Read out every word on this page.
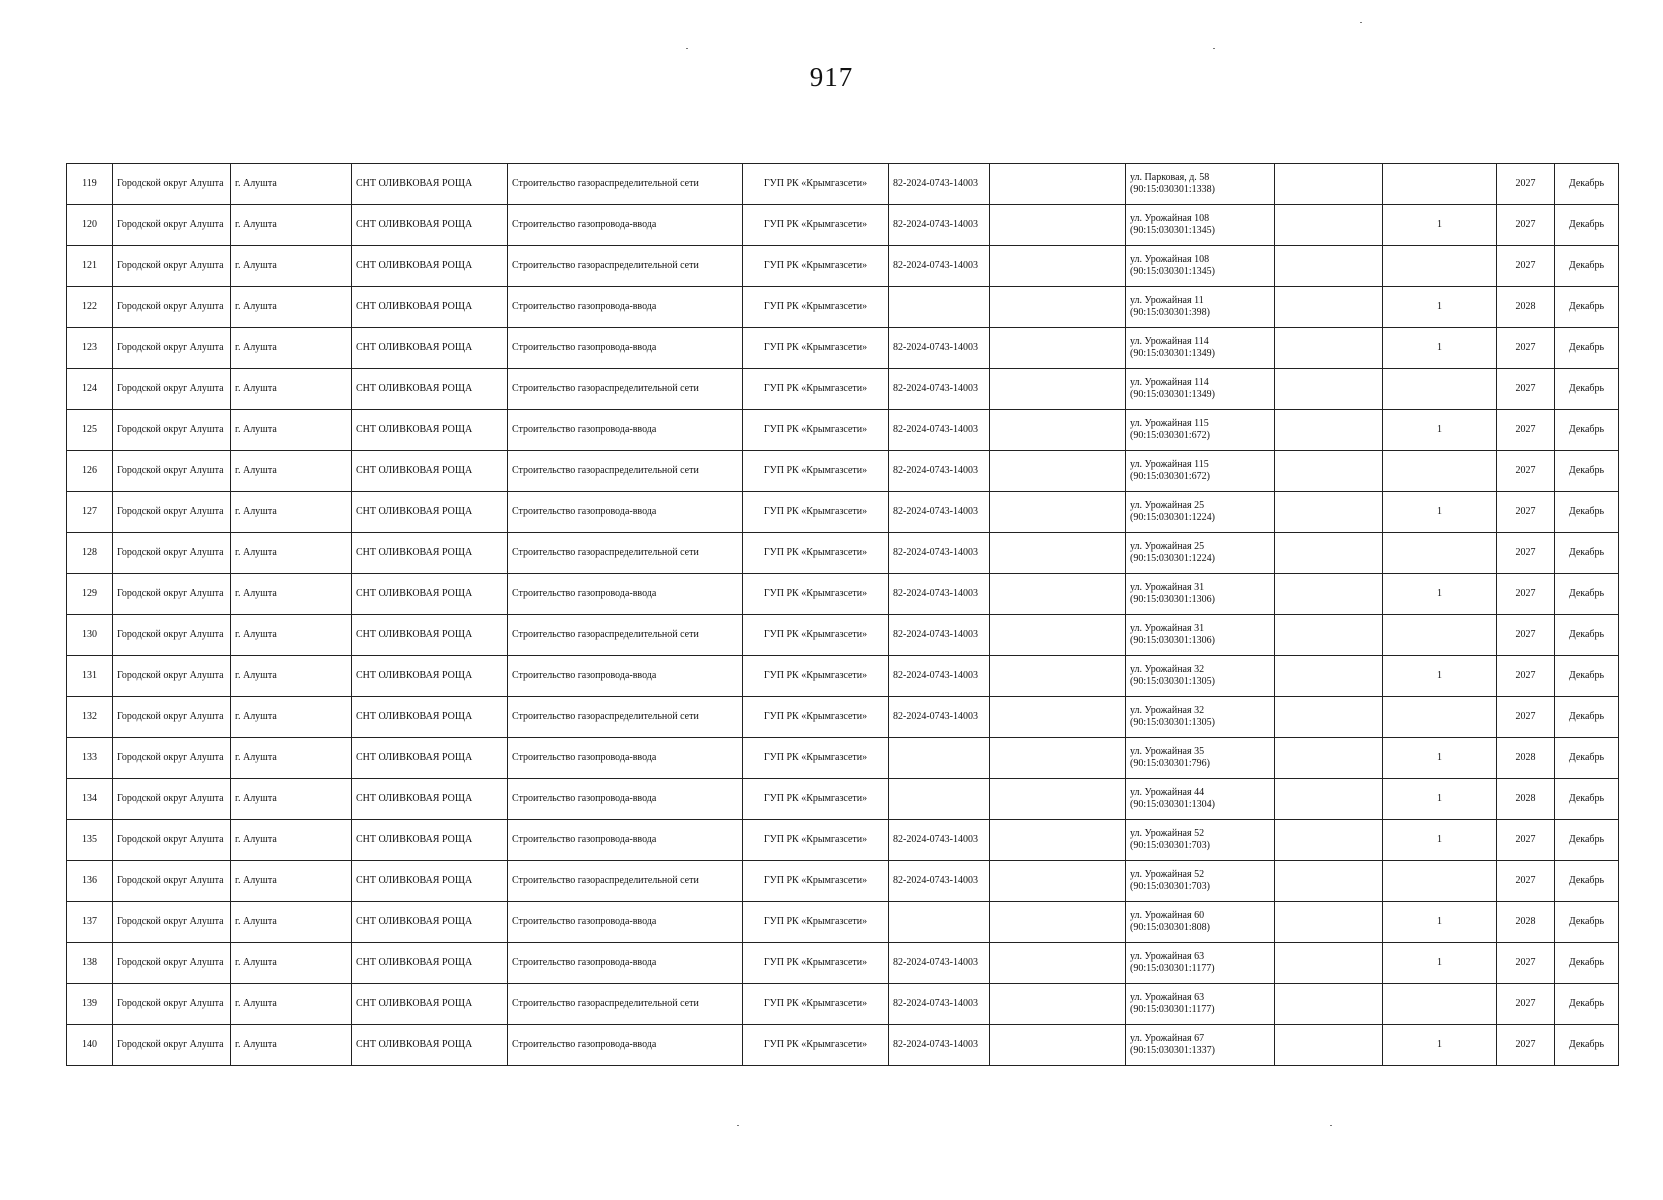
917
119	Городской округ Алушта	г. Алушта	СНТ ОЛИВКОВАЯ РОЩА	Строительство газораспределительной сети	ГУП РК «Крымгазсети»	82-2024-0743-14003		ул. Парковая, д. 58 (90:15:030301:1338)			2027	Декабрь
120	Городской округ Алушта	г. Алушта	СНТ ОЛИВКОВАЯ РОЩА	Строительство газопровода-ввода	ГУП РК «Крымгазсети»	82-2024-0743-14003		ул. Урожайная 108 (90:15:030301:1345)		1	2027	Декабрь
121	Городской округ Алушта	г. Алушта	СНТ ОЛИВКОВАЯ РОЩА	Строительство газораспределительной сети	ГУП РК «Крымгазсети»	82-2024-0743-14003		ул. Урожайная 108 (90:15:030301:1345)			2027	Декабрь
122	Городской округ Алушта	г. Алушта	СНТ ОЛИВКОВАЯ РОЩА	Строительство газопровода-ввода	ГУП РК «Крымгазсети»			ул. Урожайная 11 (90:15:030301:398)		1	2028	Декабрь
123	Городской округ Алушта	г. Алушта	СНТ ОЛИВКОВАЯ РОЩА	Строительство газопровода-ввода	ГУП РК «Крымгазсети»	82-2024-0743-14003		ул. Урожайная 114 (90:15:030301:1349)		1	2027	Декабрь
124	Городской округ Алушта	г. Алушта	СНТ ОЛИВКОВАЯ РОЩА	Строительство газораспределительной сети	ГУП РК «Крымгазсети»	82-2024-0743-14003		ул. Урожайная 114 (90:15:030301:1349)			2027	Декабрь
125	Городской округ Алушта	г. Алушта	СНТ ОЛИВКОВАЯ РОЩА	Строительство газопровода-ввода	ГУП РК «Крымгазсети»	82-2024-0743-14003		ул. Урожайная 115 (90:15:030301:672)		1	2027	Декабрь
126	Городской округ Алушта	г. Алушта	СНТ ОЛИВКОВАЯ РОЩА	Строительство газораспределительной сети	ГУП РК «Крымгазсети»	82-2024-0743-14003		ул. Урожайная 115 (90:15:030301:672)			2027	Декабрь
127	Городской округ Алушта	г. Алушта	СНТ ОЛИВКОВАЯ РОЩА	Строительство газопровода-ввода	ГУП РК «Крымгазсети»	82-2024-0743-14003		ул. Урожайная 25 (90:15:030301:1224)		1	2027	Декабрь
128	Городской округ Алушта	г. Алушта	СНТ ОЛИВКОВАЯ РОЩА	Строительство газораспределительной сети	ГУП РК «Крымгазсети»	82-2024-0743-14003		ул. Урожайная 25 (90:15:030301:1224)			2027	Декабрь
129	Городской округ Алушта	г. Алушта	СНТ ОЛИВКОВАЯ РОЩА	Строительство газопровода-ввода	ГУП РК «Крымгазсети»	82-2024-0743-14003		ул. Урожайная 31 (90:15:030301:1306)		1	2027	Декабрь
130	Городской округ Алушта	г. Алушта	СНТ ОЛИВКОВАЯ РОЩА	Строительство газораспределительной сети	ГУП РК «Крымгазсети»	82-2024-0743-14003		ул. Урожайная 31 (90:15:030301:1306)			2027	Декабрь
131	Городской округ Алушта	г. Алушта	СНТ ОЛИВКОВАЯ РОЩА	Строительство газопровода-ввода	ГУП РК «Крымгазсети»	82-2024-0743-14003		ул. Урожайная 32 (90:15:030301:1305)		1	2027	Декабрь
132	Городской округ Алушта	г. Алушта	СНТ ОЛИВКОВАЯ РОЩА	Строительство газораспределительной сети	ГУП РК «Крымгазсети»	82-2024-0743-14003		ул. Урожайная 32 (90:15:030301:1305)			2027	Декабрь
133	Городской округ Алушта	г. Алушта	СНТ ОЛИВКОВАЯ РОЩА	Строительство газопровода-ввода	ГУП РК «Крымгазсети»			ул. Урожайная 35 (90:15:030301:796)		1	2028	Декабрь
134	Городской округ Алушта	г. Алушта	СНТ ОЛИВКОВАЯ РОЩА	Строительство газопровода-ввода	ГУП РК «Крымгазсети»			ул. Урожайная 44 (90:15:030301:1304)		1	2028	Декабрь
135	Городской округ Алушта	г. Алушта	СНТ ОЛИВКОВАЯ РОЩА	Строительство газопровода-ввода	ГУП РК «Крымгазсети»	82-2024-0743-14003		ул. Урожайная 52 (90:15:030301:703)		1	2027	Декабрь
136	Городской округ Алушта	г. Алушта	СНТ ОЛИВКОВАЯ РОЩА	Строительство газораспределительной сети	ГУП РК «Крымгазсети»	82-2024-0743-14003		ул. Урожайная 52 (90:15:030301:703)			2027	Декабрь
137	Городской округ Алушта	г. Алушта	СНТ ОЛИВКОВАЯ РОЩА	Строительство газопровода-ввода	ГУП РК «Крымгазсети»			ул. Урожайная 60 (90:15:030301:808)		1	2028	Декабрь
138	Городской округ Алушта	г. Алушта	СНТ ОЛИВКОВАЯ РОЩА	Строительство газопровода-ввода	ГУП РК «Крымгазсети»	82-2024-0743-14003		ул. Урожайная 63 (90:15:030301:1177)		1	2027	Декабрь
139	Городской округ Алушта	г. Алушта	СНТ ОЛИВКОВАЯ РОЩА	Строительство газораспределительной сети	ГУП РК «Крымгазсети»	82-2024-0743-14003		ул. Урожайная 63 (90:15:030301:1177)			2027	Декабрь
140	Городской округ Алушта	г. Алушта	СНТ ОЛИВКОВАЯ РОЩА	Строительство газопровода-ввода	ГУП РК «Крымгазсети»	82-2024-0743-14003		ул. Урожайная 67 (90:15:030301:1337)		1	2027	Декабрь
